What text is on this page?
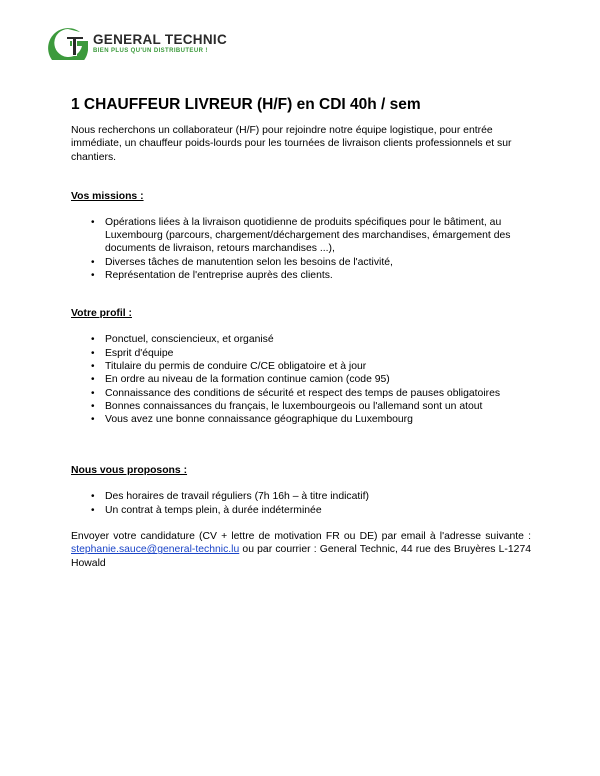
GENERAL TECHNIC
BIEN PLUS QU'UN DISTRIBUTEUR !
1 CHAUFFEUR LIVREUR (H/F) en CDI 40h / sem

Nous recherchons un collaborateur (H/F) pour rejoindre notre équipe logistique, pour entrée immédiate, un chauffeur poids-lourds pour les tournées de livraison clients professionnels et sur chantiers.

Vos missions :
• Opérations liées à la livraison quotidienne de produits spécifiques pour le bâtiment, au Luxembourg (parcours, chargement/déchargement des marchandises, émargement des documents de livraison, retours marchandises ...),
• Diverses tâches de manutention selon les besoins de l'activité,
• Représentation de l'entreprise auprès des clients.
Votre profil :
• Ponctuel, consciencieux, et organisé
• Esprit d'équipe
• Titulaire du permis de conduire C/CE obligatoire et à jour
• En ordre au niveau de la formation continue camion (code 95)
• Connaissance des conditions de sécurité et respect des temps de pauses obligatoires
• Bonnes connaissances du français, le luxembourgeois ou l'allemand sont un atout
• Vous avez une bonne connaissance géographique du Luxembourg
Nous vous proposons :
• Des horaires de travail réguliers (7h 16h – à titre indicatif)
• Un contrat à temps plein, à durée indéterminée

Envoyer votre candidature (CV + lettre de motivation FR ou DE) par email à l'adresse suivante : stephanie.sauce@general-technic.lu ou par courrier : General Technic, 44 rue des Bruyères L-1274 Howald
